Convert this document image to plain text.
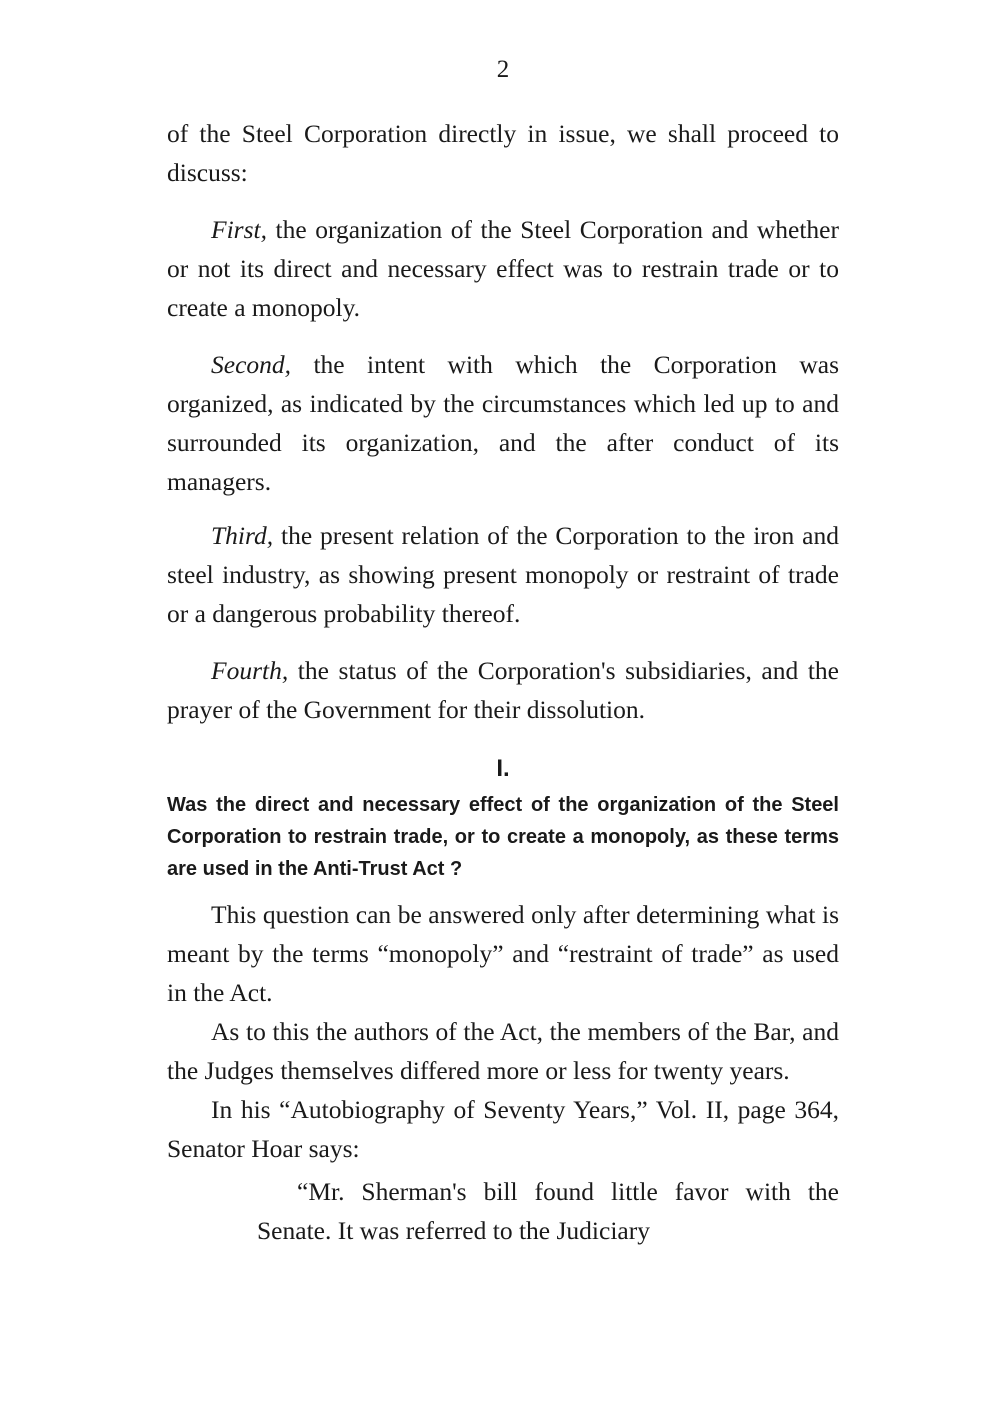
2

of the Steel Corporation directly in issue, we shall proceed to discuss:

First, the organization of the Steel Corporation and whether or not its direct and necessary effect was to restrain trade or to create a monopoly.

Second, the intent with which the Corporation was organized, as indicated by the circumstances which led up to and surrounded its organization, and the after conduct of its managers.

Third, the present relation of the Corporation to the iron and steel industry, as showing present monopoly or restraint of trade or a dangerous probability thereof.

Fourth, the status of the Corporation's subsidiaries, and the prayer of the Government for their dissolution.

I.
Was the direct and necessary effect of the organization of the Steel Corporation to restrain trade, or to create a monopoly, as these terms are used in the Anti-Trust Act ?

This question can be answered only after determining what is meant by the terms “monopoly” and “restraint of trade” as used in the Act.

As to this the authors of the Act, the members of the Bar, and the Judges themselves differed more or less for twenty years.

In his “Autobiography of Seventy Years,” Vol. II, page 364, Senator Hoar says:

“Mr. Sherman's bill found little favor with the Senate. It was referred to the Judiciary
